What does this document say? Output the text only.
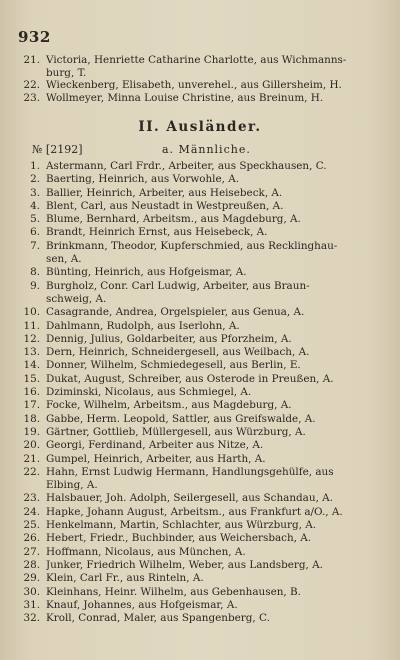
932
21. Victoria, Henriette Catharine Charlotte, aus Wichmanns-
burg, T.
22. Wieckenberg, Elisabeth, unverehel., aus Gillersheim, H.
23. Wollmeyer, Minna Louise Christine, aus Breinum, H.
II. Ausländer.
№ [2192]	a. Männliche.
1. Astermann, Carl Frdr., Arbeiter, aus Speckhausen, C.
2. Baerting, Heinrich, aus Vorwohle, A.
3. Ballier, Heinrich, Arbeiter, aus Heisebeck, A.
4. Blent, Carl, aus Neustadt in Westpreußen, A.
5. Blume, Bernhard, Arbeitsm., aus Magdeburg, A.
6. Brandt, Heinrich Ernst, aus Heisebeck, A.
7. Brinkmann, Theodor, Kupferschmied, aus Recklinghau-
sen, A.
8. Bünting, Heinrich, aus Hofgeismar, A.
9. Burgholz, Conr. Carl Ludwig, Arbeiter, aus Braun-
schweig, A.
10. Casagrande, Andrea, Orgelspieler, aus Genua, A.
11. Dahlmann, Rudolph, aus Iserlohn, A.
12. Dennig, Julius, Goldarbeiter, aus Pforzheim, A.
13. Dern, Heinrich, Schneidergesell, aus Weilbach, A.
14. Donner, Wilhelm, Schmiedegesell, aus Berlin, E.
15. Dukat, August, Schreiber, aus Osterode in Preußen, A.
16. Dziminski, Nicolaus, aus Schmiegel, A.
17. Focke, Wilhelm, Arbeitsm., aus Magdeburg, A.
18. Gabbe, Herm. Leopold, Sattler, aus Greifswalde, A.
19. Gärtner, Gottlieb, Müllergesell, aus Würzburg, A.
20. Georgi, Ferdinand, Arbeiter aus Nitze, A.
21. Gumpel, Heinrich, Arbeiter, aus Harth, A.
22. Hahn, Ernst Ludwig Hermann, Handlungsgehülfe, aus
Elbing, A.
23. Halsbauer, Joh. Adolph, Seilergesell, aus Schandau, A.
24. Hapke, Johann August, Arbeitsm., aus Frankfurt a/O., A.
25. Henkelmann, Martin, Schlachter, aus Würzburg, A.
26. Hebert, Friedr., Buchbinder, aus Weichersbach, A.
27. Hoffmann, Nicolaus, aus München, A.
28. Junker, Friedrich Wilhelm, Weber, aus Landsberg, A.
29. Klein, Carl Fr., aus Rinteln, A.
30. Kleinhans, Heinr. Wilhelm, aus Gebenhausen, B.
31. Knauf, Johannes, aus Hofgeismar, A.
32. Kroll, Conrad, Maler, aus Spangenberg, C.
